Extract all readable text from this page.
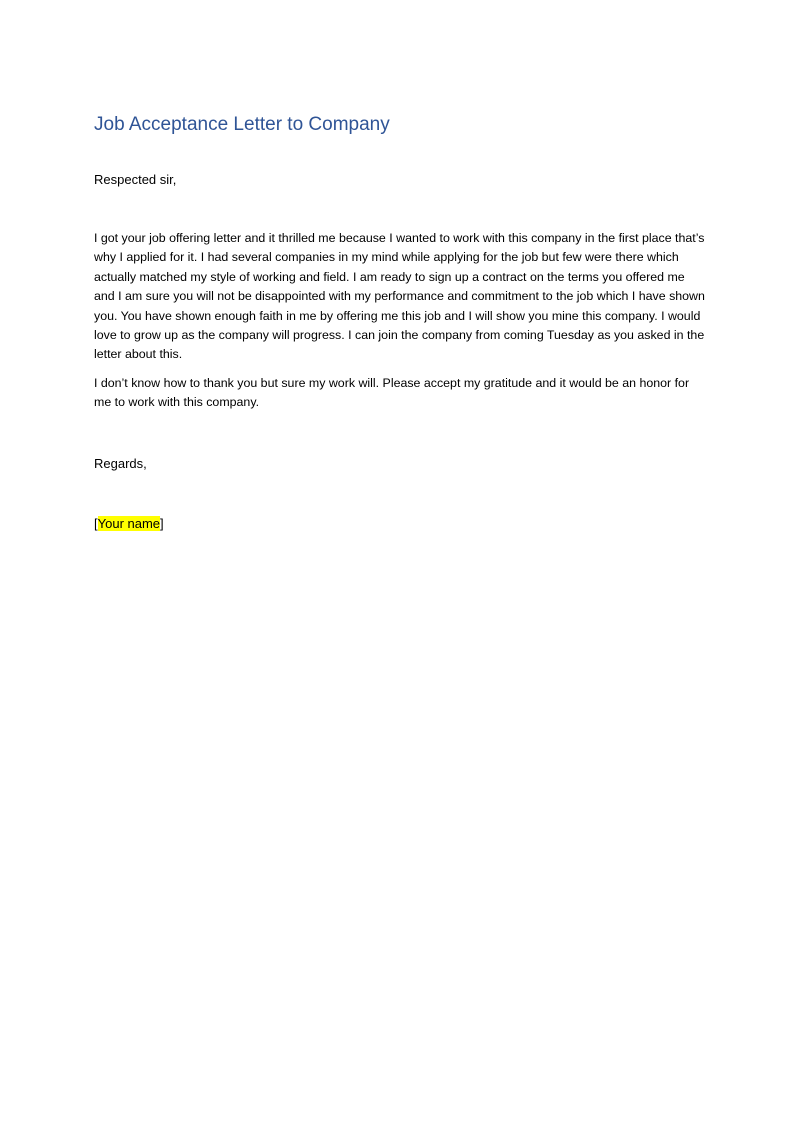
Job Acceptance Letter to Company

Respected sir,

I got your job offering letter and it thrilled me because I wanted to work with this company in the first place that’s why I applied for it. I had several companies in my mind while applying for the job but few were there which actually matched my style of working and field. I am ready to sign up a contract on the terms you offered me and I am sure you will not be disappointed with my performance and commitment to the job which I have shown you. You have shown enough faith in me by offering me this job and I will show you mine this company. I would love to grow up as the company will progress. I can join the company from coming Tuesday as you asked in the letter about this.

I don’t know how to thank you but sure my work will. Please accept my gratitude and it would be an honor for me to work with this company.

Regards,

[Your name]
